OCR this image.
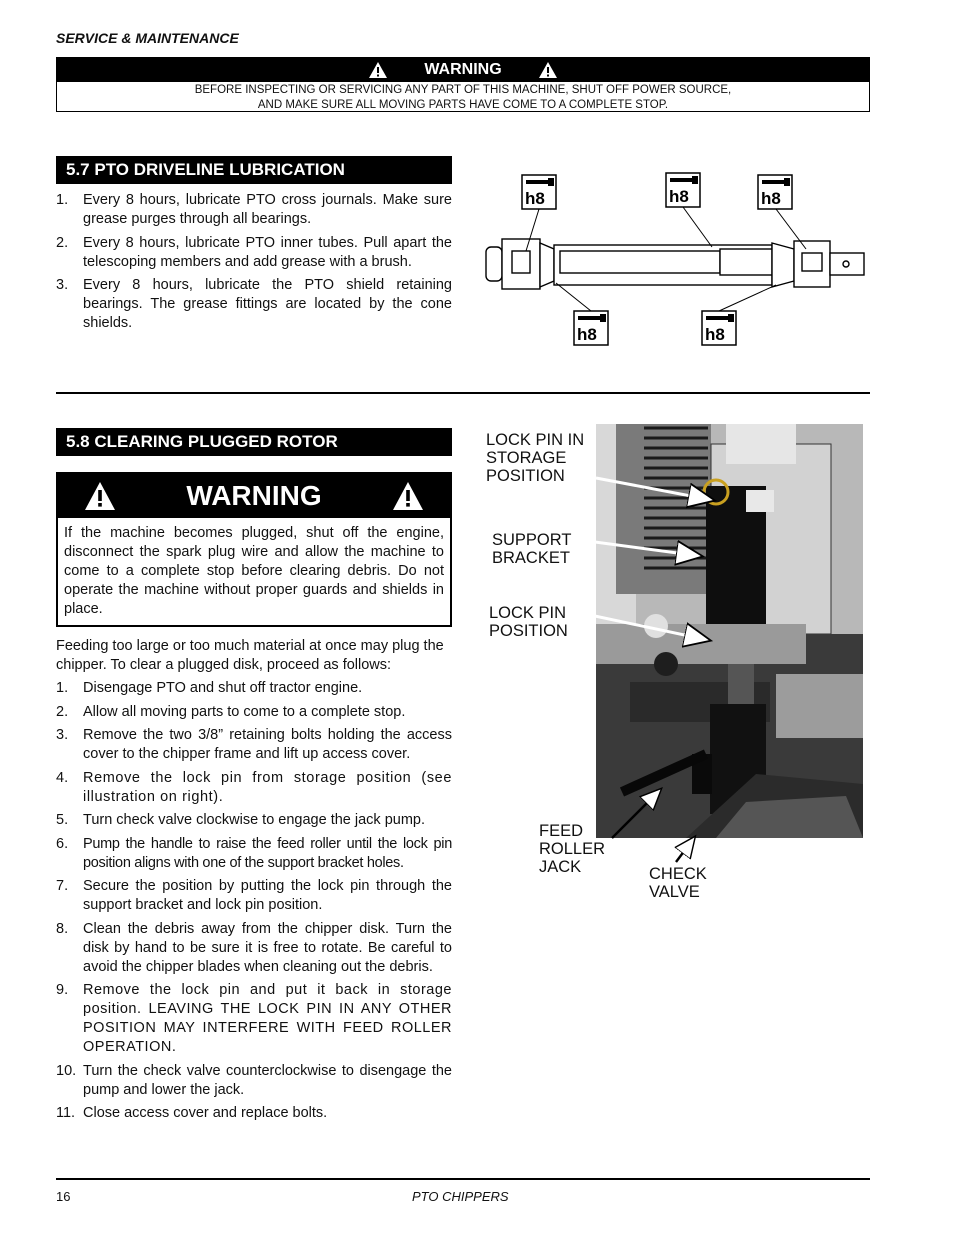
SERVICE & MAINTENANCE
WARNING
BEFORE INSPECTING OR SERVICING ANY PART OF THIS MACHINE, SHUT OFF POWER SOURCE,
AND MAKE SURE ALL MOVING PARTS HAVE COME TO A COMPLETE STOP.
5.7 PTO DRIVELINE LUBRICATION
1. Every 8 hours, lubricate PTO cross journals. Make sure grease purges through all bearings.
2. Every 8 hours, lubricate PTO inner tubes. Pull apart the telescoping members and add grease with a brush.
3. Every 8 hours, lubricate the PTO shield retaining bearings. The grease fittings are located by the cone shields.
h8	h8	h8
h8	h8
5.8 CLEARING PLUGGED ROTOR
WARNING
If the machine becomes plugged, shut off the engine, disconnect the spark plug wire and allow the machine to come to a complete stop before clearing debris. Do not operate the machine without proper guards and shields in place.
Feeding too large or too much material at once may plug the chipper. To clear a plugged disk, proceed as follows:
1. Disengage PTO and shut off tractor engine.
2. Allow all moving parts to come to a complete stop.
3. Remove the two 3/8” retaining bolts holding the access cover to the chipper frame and lift up access cover.
4. Remove the lock pin from storage position (see illustration on right).
5. Turn check valve clockwise to engage the jack pump.
6. Pump the handle to raise the feed roller until the lock pin position aligns with one of the support bracket holes.
7. Secure the position by putting the lock pin through the support bracket and lock pin position.
8. Clean the debris away from the chipper disk. Turn the disk by hand to be sure it is free to rotate. Be careful to avoid the chipper blades when cleaning out the debris.
9. Remove the lock pin and put it back in storage position. LEAVING THE LOCK PIN IN ANY OTHER POSITION MAY INTERFERE WITH FEED ROLLER OPERATION.
10. Turn the check valve counterclockwise to disengage the pump and lower the jack.
11. Close access cover and replace bolts.
LOCK PIN IN
STORAGE
POSITION
SUPPORT
BRACKET
LOCK PIN
POSITION
FEED
ROLLER
JACK	CHECK
VALVE
16	PTO CHIPPERS
